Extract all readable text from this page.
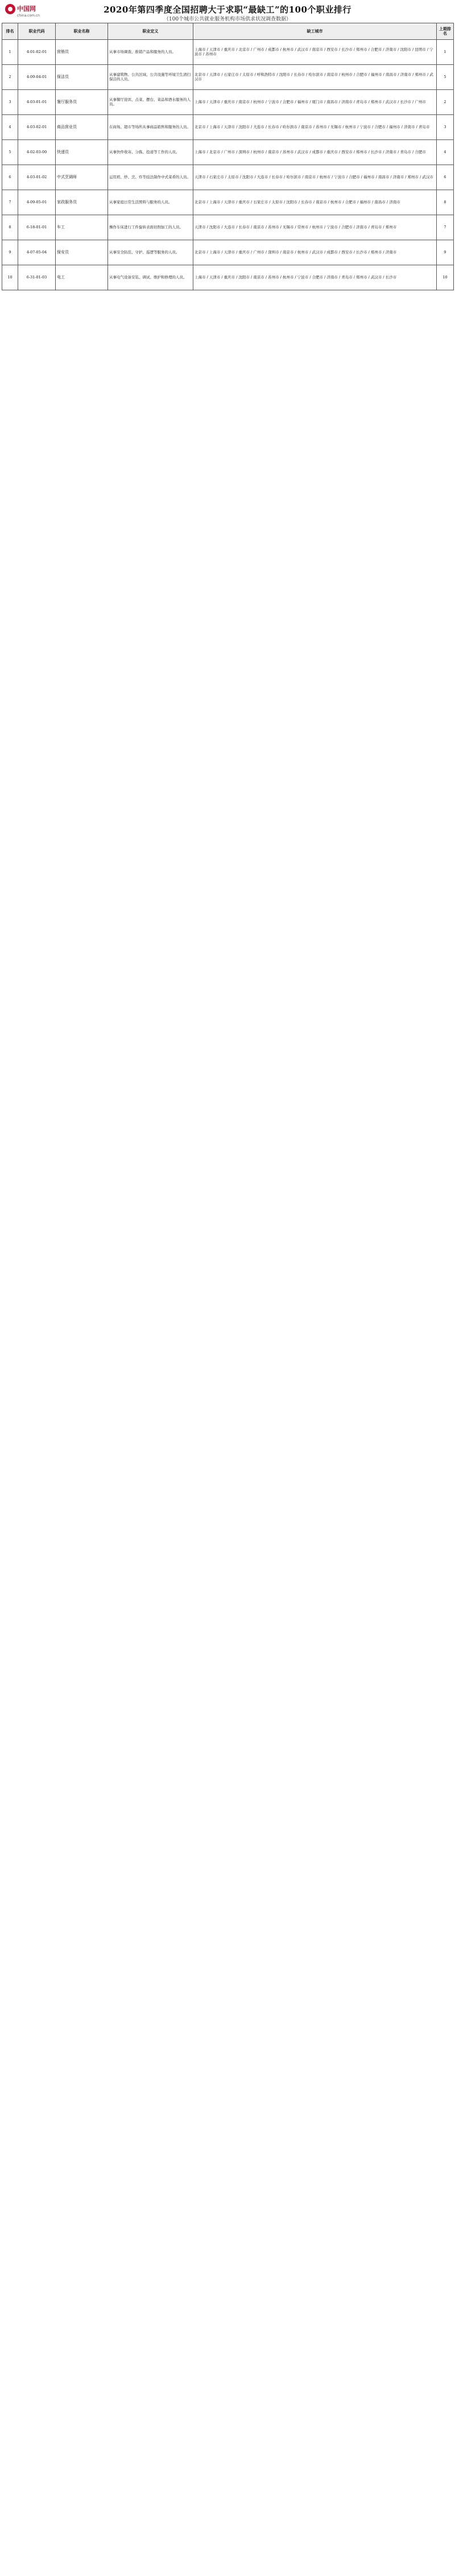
中国网
china.com.cn
2020年第四季度全国招聘大于求职“最缺工”的100个职业排行
（100个城市公共就业服务机构市场供求状况调查数据）
排名	职业代码	职业名称	职业定义	缺工城市	上期排名
1	4-01-02-01	营销员	从事市场调查、推销产品和服务的人员。	上海市 / 天津市 / 重庆市 / 北京市 / 广州市 / 成都市 / 杭州市 / 武汉市 / 南京市 / 西安市 / 长沙市 / 郑州市 / 合肥市 / 济南市 / 沈阳市 / 昆明市 / 宁波市 / 苏州市	1
2	4-09-04-01	保洁员	从事建筑物、公共区域、公共设施等环境卫生清扫保洁的人员。	北京市 / 天津市 / 石家庄市 / 太原市 / 呼和浩特市 / 沈阳市 / 长春市 / 哈尔滨市 / 南京市 / 杭州市 / 合肥市 / 福州市 / 南昌市 / 济南市 / 郑州市 / 武汉市	5
3	4-03-01-01	餐厅服务员	从事餐厅迎宾、点菜、摆台、菜品和酒水服务的人员。	上海市 / 天津市 / 重庆市 / 南京市 / 杭州市 / 宁波市 / 合肥市 / 福州市 / 厦门市 / 南昌市 / 济南市 / 青岛市 / 郑州市 / 武汉市 / 长沙市 / 广州市	2
4	4-03-02-01	商品营业员	在商场、超市等场所从事商品销售和服务的人员。	北京市 / 上海市 / 天津市 / 沈阳市 / 大连市 / 长春市 / 哈尔滨市 / 南京市 / 苏州市 / 无锡市 / 杭州市 / 宁波市 / 合肥市 / 福州市 / 济南市 / 青岛市	3
5	4-02-03-00	快递员	从事快件收寄、分拣、投递等工作的人员。	上海市 / 北京市 / 广州市 / 深圳市 / 杭州市 / 南京市 / 苏州市 / 武汉市 / 成都市 / 重庆市 / 西安市 / 郑州市 / 长沙市 / 济南市 / 青岛市 / 合肥市	4
6	4-03-01-02	中式烹调师	运用煎、炒、烹、炸等技法制作中式菜肴的人员。	天津市 / 石家庄市 / 太原市 / 沈阳市 / 大连市 / 长春市 / 哈尔滨市 / 南京市 / 杭州市 / 宁波市 / 合肥市 / 福州市 / 南昌市 / 济南市 / 郑州市 / 武汉市	6
7	4-09-05-01	家政服务员	从事家庭日常生活照料与服务的人员。	北京市 / 上海市 / 天津市 / 重庆市 / 石家庄市 / 太原市 / 沈阳市 / 长春市 / 南京市 / 杭州市 / 合肥市 / 福州市 / 南昌市 / 济南市	8
8	6-18-01-01	车工	操作车床进行工件旋转表面切削加工的人员。	天津市 / 沈阳市 / 大连市 / 长春市 / 南京市 / 苏州市 / 无锡市 / 常州市 / 杭州市 / 宁波市 / 合肥市 / 济南市 / 青岛市 / 郑州市	7
9	4-07-05-04	保安员	从事安全防范、守护、巡逻等服务的人员。	北京市 / 上海市 / 天津市 / 重庆市 / 广州市 / 深圳市 / 南京市 / 杭州市 / 武汉市 / 成都市 / 西安市 / 长沙市 / 郑州市 / 济南市	9
10	6-31-01-03	电工	从事电气设备安装、调试、维护和修理的人员。	上海市 / 天津市 / 重庆市 / 沈阳市 / 南京市 / 苏州市 / 杭州市 / 宁波市 / 合肥市 / 济南市 / 青岛市 / 郑州市 / 武汉市 / 长沙市	10
